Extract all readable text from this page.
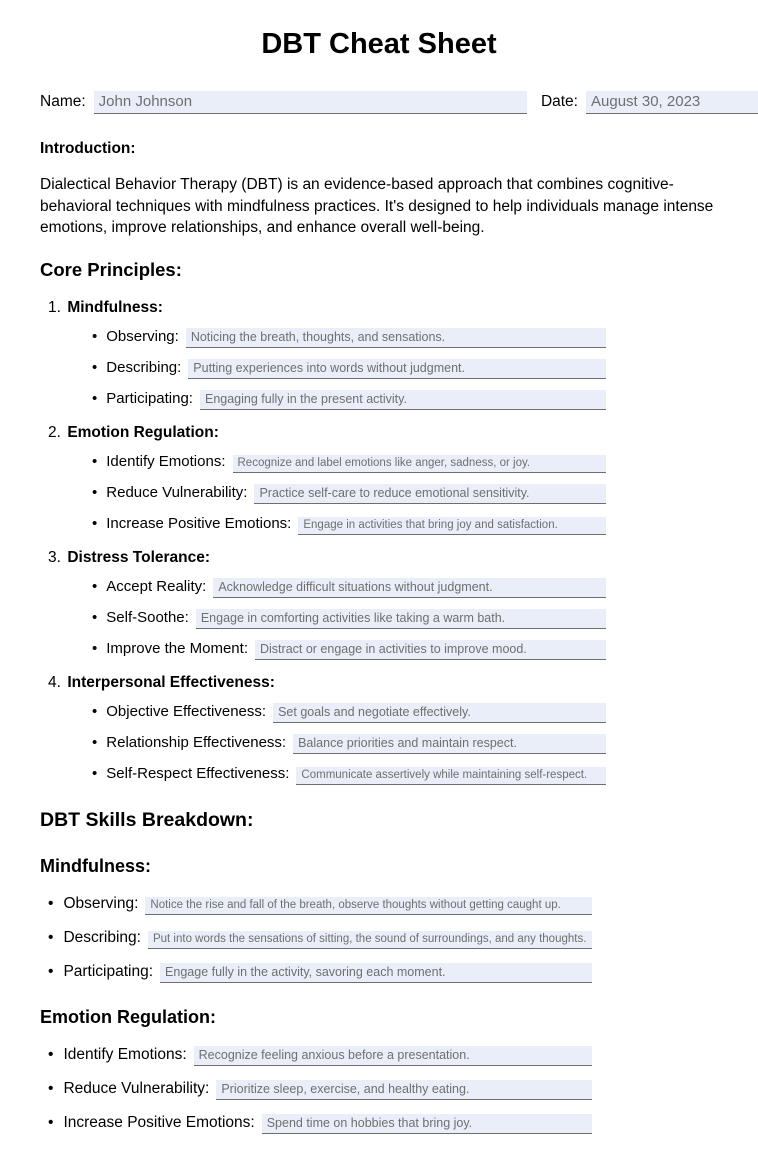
DBT Cheat Sheet
Name:
John Johnson	Date:
August 30, 2023
Introduction:

Dialectical Behavior Therapy (DBT) is an evidence-based approach that combines cognitive-behavioral techniques with mindfulness practices. It's designed to help individuals manage intense emotions, improve relationships, and enhance overall well-being.

Core Principles:
1. Mindfulness:
• Observing:
Noticing the breath, thoughts, and sensations.
• Describing:
Putting experiences into words without judgment.
• Participating:
Engaging fully in the present activity.
2. Emotion Regulation:
• Identify Emotions:
Recognize and label emotions like anger, sadness, or joy.
• Reduce Vulnerability:
Practice self-care to reduce emotional sensitivity.
• Increase Positive Emotions:
Engage in activities that bring joy and satisfaction.
3. Distress Tolerance:
• Accept Reality:
Acknowledge difficult situations without judgment.
• Self-Soothe:
Engage in comforting activities like taking a warm bath.
• Improve the Moment:
Distract or engage in activities to improve mood.
4. Interpersonal Effectiveness:
• Objective Effectiveness:
Set goals and negotiate effectively.
• Relationship Effectiveness:
Balance priorities and maintain respect.
• Self-Respect Effectiveness:
Communicate assertively while maintaining self-respect.
DBT Skills Breakdown:
Mindfulness:
• Observing:
Notice the rise and fall of the breath, observe thoughts without getting caught up.
• Describing:
Put into words the sensations of sitting, the sound of surroundings, and any thoughts.
• Participating:
Engage fully in the activity, savoring each moment.
Emotion Regulation:
• Identify Emotions:
Recognize feeling anxious before a presentation.
• Reduce Vulnerability:
Prioritize sleep, exercise, and healthy eating.
• Increase Positive Emotions:
Spend time on hobbies that bring joy.
